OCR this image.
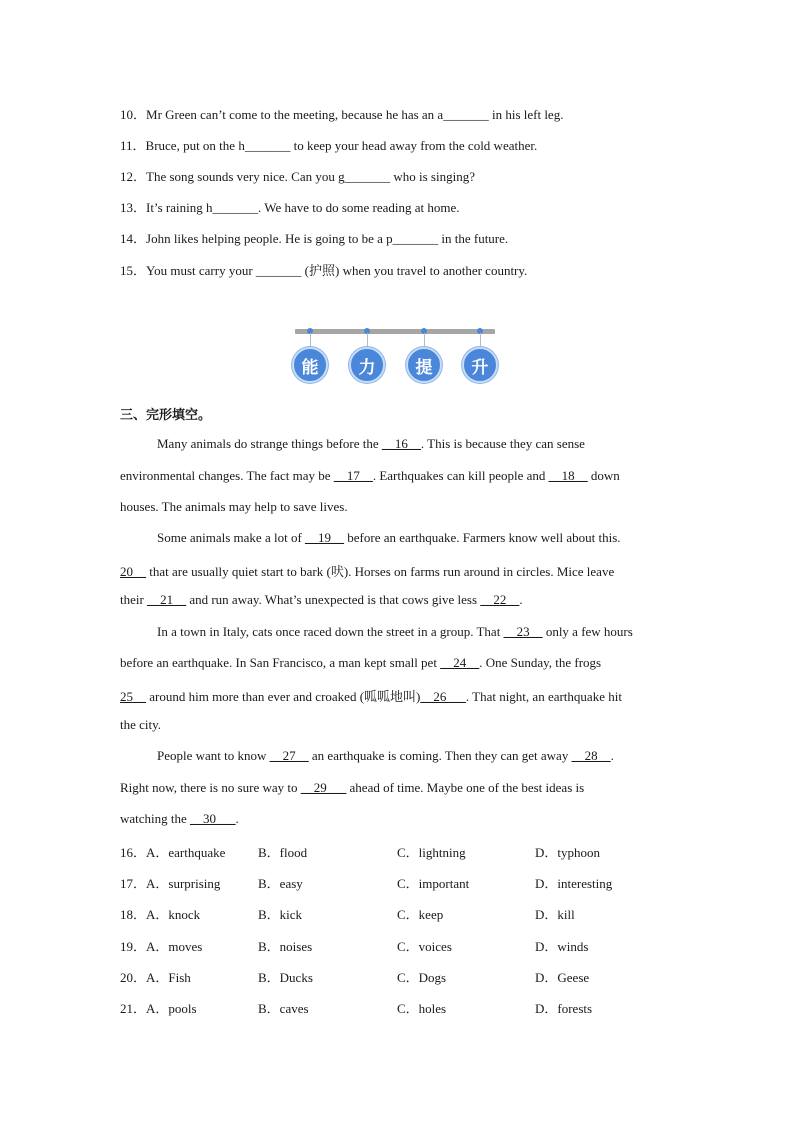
10．Mr Green can’t come to the meeting, because he has an a_______ in his left leg.
11．Bruce, put on the h_______ to keep your head away from the cold weather.
12．The song sounds very nice. Can you g_______ who is singing?
13．It’s raining h_______. We have to do some reading at home.
14．John likes helping people. He is going to be a p_______ in the future.
15．You must carry your _______ (护照) when you travel to another country.
能	力	提	升
三、完形填空。
Many animals do strange things before the __16__. This is because they can sense
environmental changes. The fact may be __17__. Earthquakes can kill people and __18__ down
houses. The animals may help to save lives.
Some animals make a lot of __19__ before an earthquake. Farmers know well about this.
20__ that are usually quiet start to bark (吠). Horses on farms run around in circles. Mice leave
their __21__ and run away. What’s unexpected is that cows give less __22__.
In a town in Italy, cats once raced down the street in a group. That __23__ only a few hours
before an earthquake. In San Francisco, a man kept small pet __24__. One Sunday, the frogs
25__ around him more than ever and croaked (呱呱地叫)__26___. That night, an earthquake hit
the city.
People want to know __27__ an earthquake is coming. Then they can get away __28__.
Right now, there is no sure way to __29___ ahead of time. Maybe one of the best ideas is
watching the __30___.
16． A．earthquake	B．flood	C．lightning	D．typhoon
17． A．surprising	B．easy	C．important	D．interesting
18． A．knock	B．kick	C．keep	D．kill
19． A．moves	B．noises	C．voices	D．winds
20． A．Fish	B．Ducks	C．Dogs	D．Geese
21． A．pools	B．caves	C．holes	D．forests
